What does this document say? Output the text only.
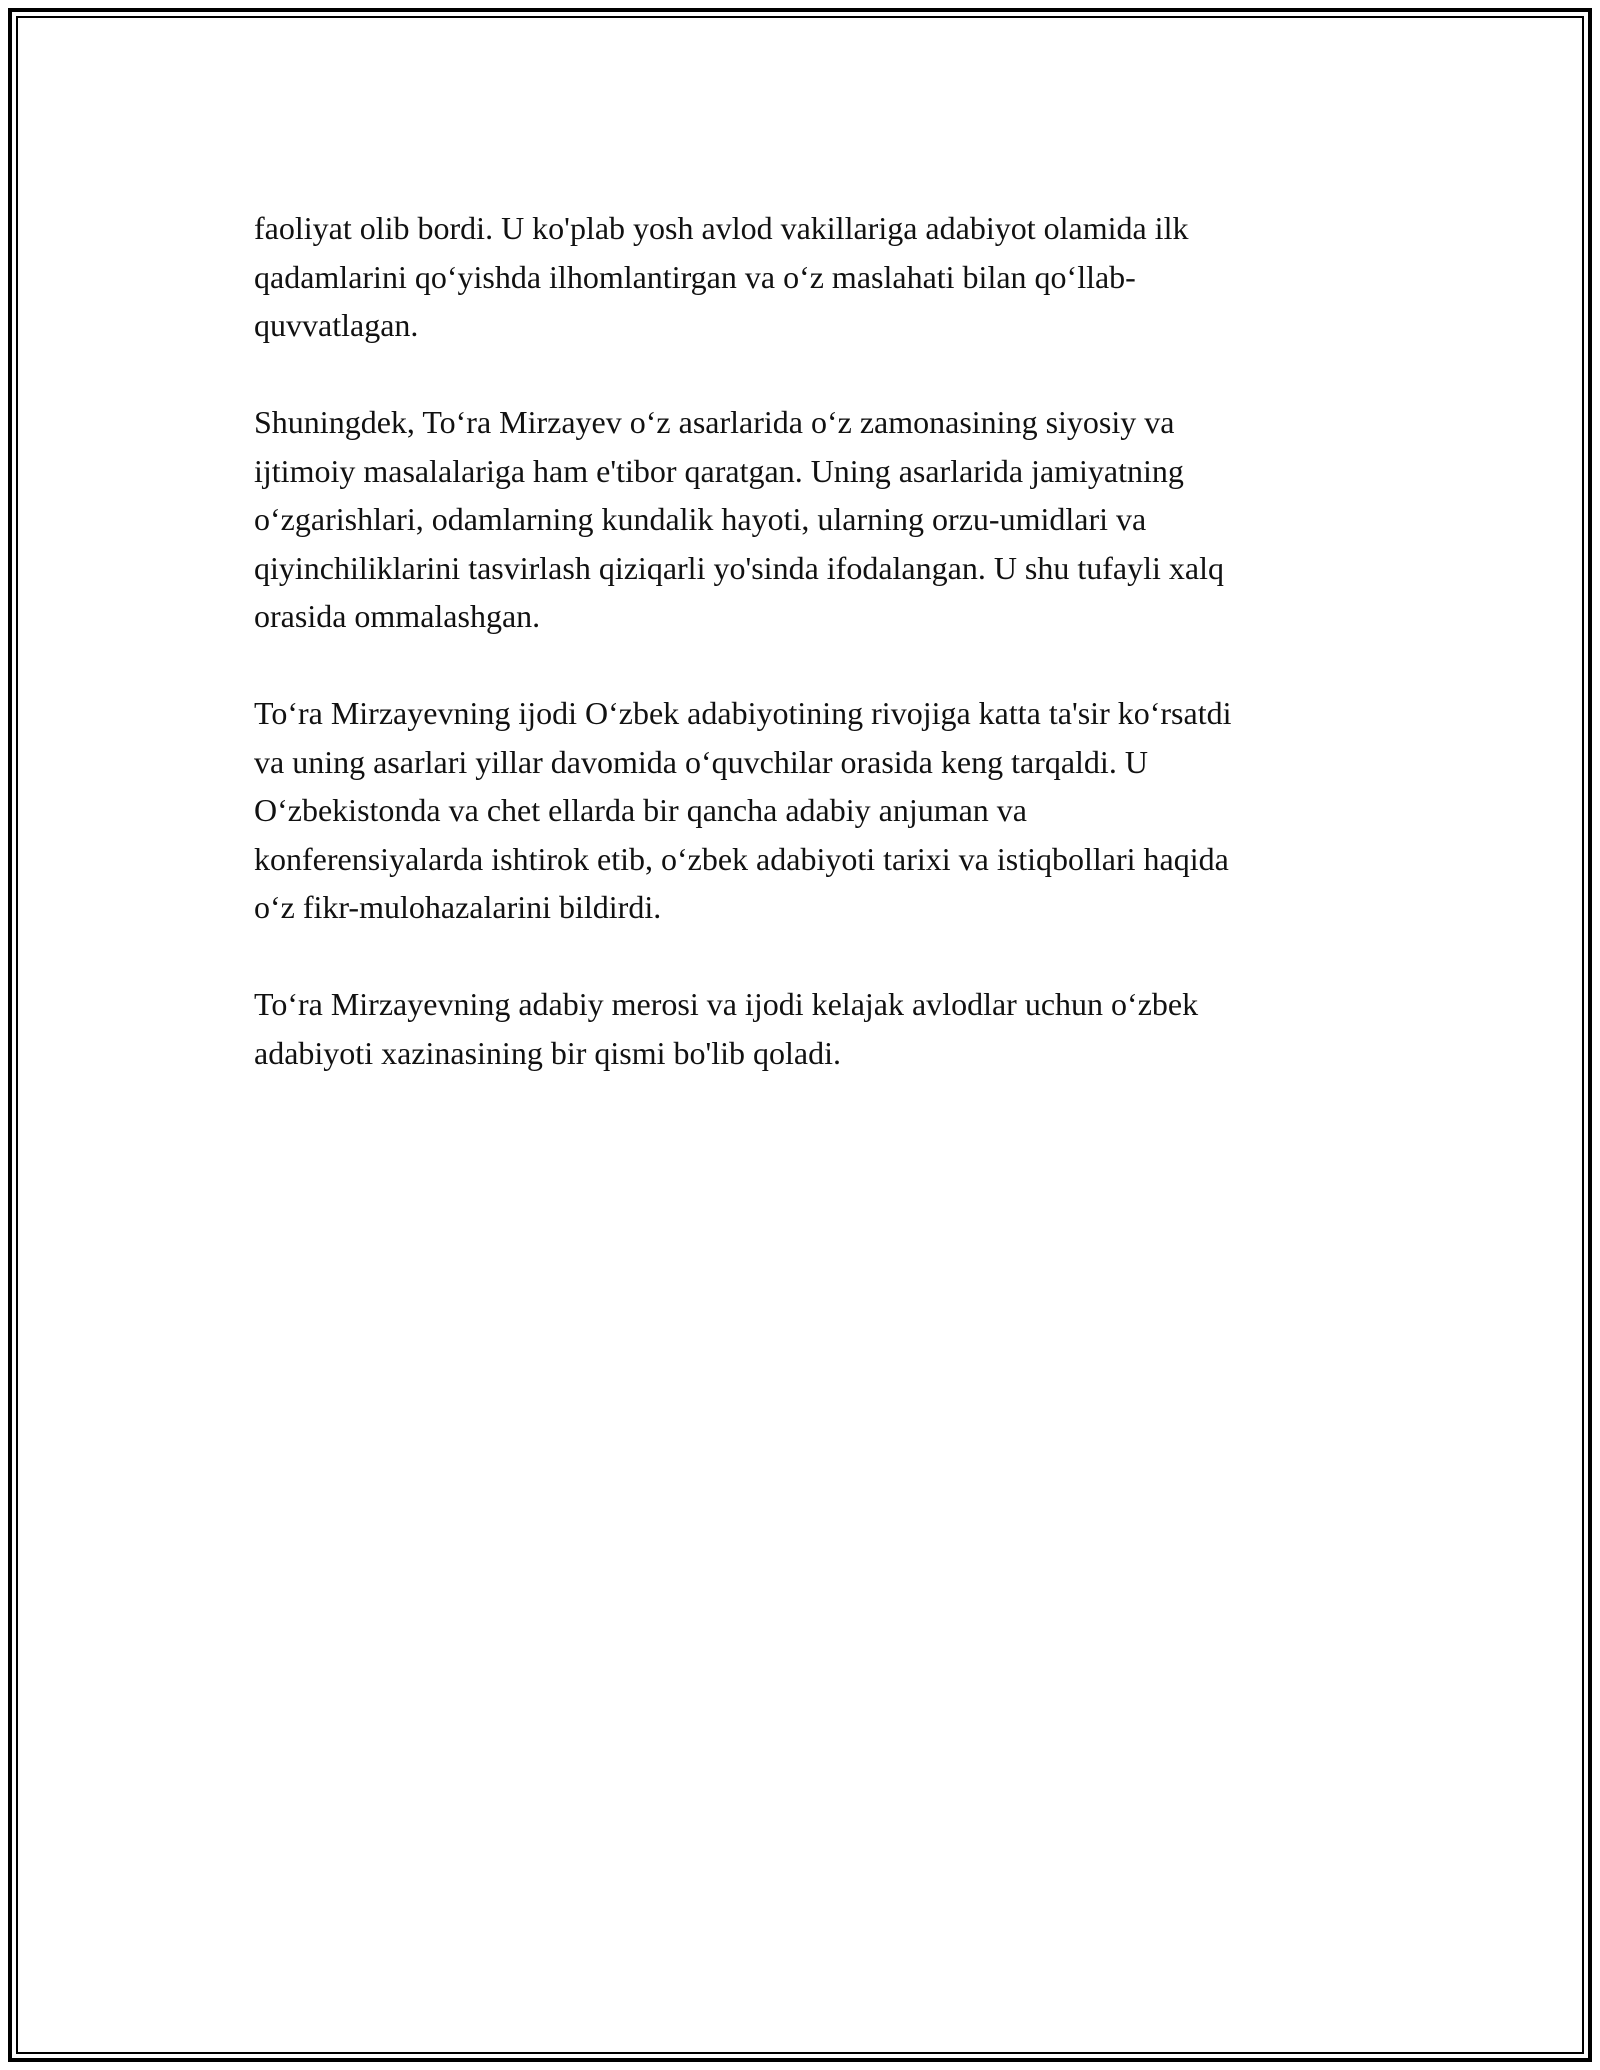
faoliyat olib bordi. U ko'plab yosh avlod vakillariga adabiyot olamida ilk
qadamlarini qo‘yishda ilhomlantirgan va o‘z maslahati bilan qo‘llab-
quvvatlagan.

Shuningdek, To‘ra Mirzayev o‘z asarlarida o‘z zamonasining siyosiy va
ijtimoiy masalalariga ham e'tibor qaratgan. Uning asarlarida jamiyatning
o‘zgarishlari, odamlarning kundalik hayoti, ularning orzu-umidlari va
qiyinchiliklarini tasvirlash qiziqarli yo'sinda ifodalangan. U shu tufayli xalq
orasida ommalashgan.

To‘ra Mirzayevning ijodi O‘zbek adabiyotining rivojiga katta ta'sir ko‘rsatdi
va uning asarlari yillar davomida o‘quvchilar orasida keng tarqaldi. U
O‘zbekistonda va chet ellarda bir qancha adabiy anjuman va
konferensiyalarda ishtirok etib, o‘zbek adabiyoti tarixi va istiqbollari haqida
o‘z fikr-mulohazalarini bildirdi.

To‘ra Mirzayevning adabiy merosi va ijodi kelajak avlodlar uchun o‘zbek
adabiyoti xazinasining bir qismi bo'lib qoladi.
